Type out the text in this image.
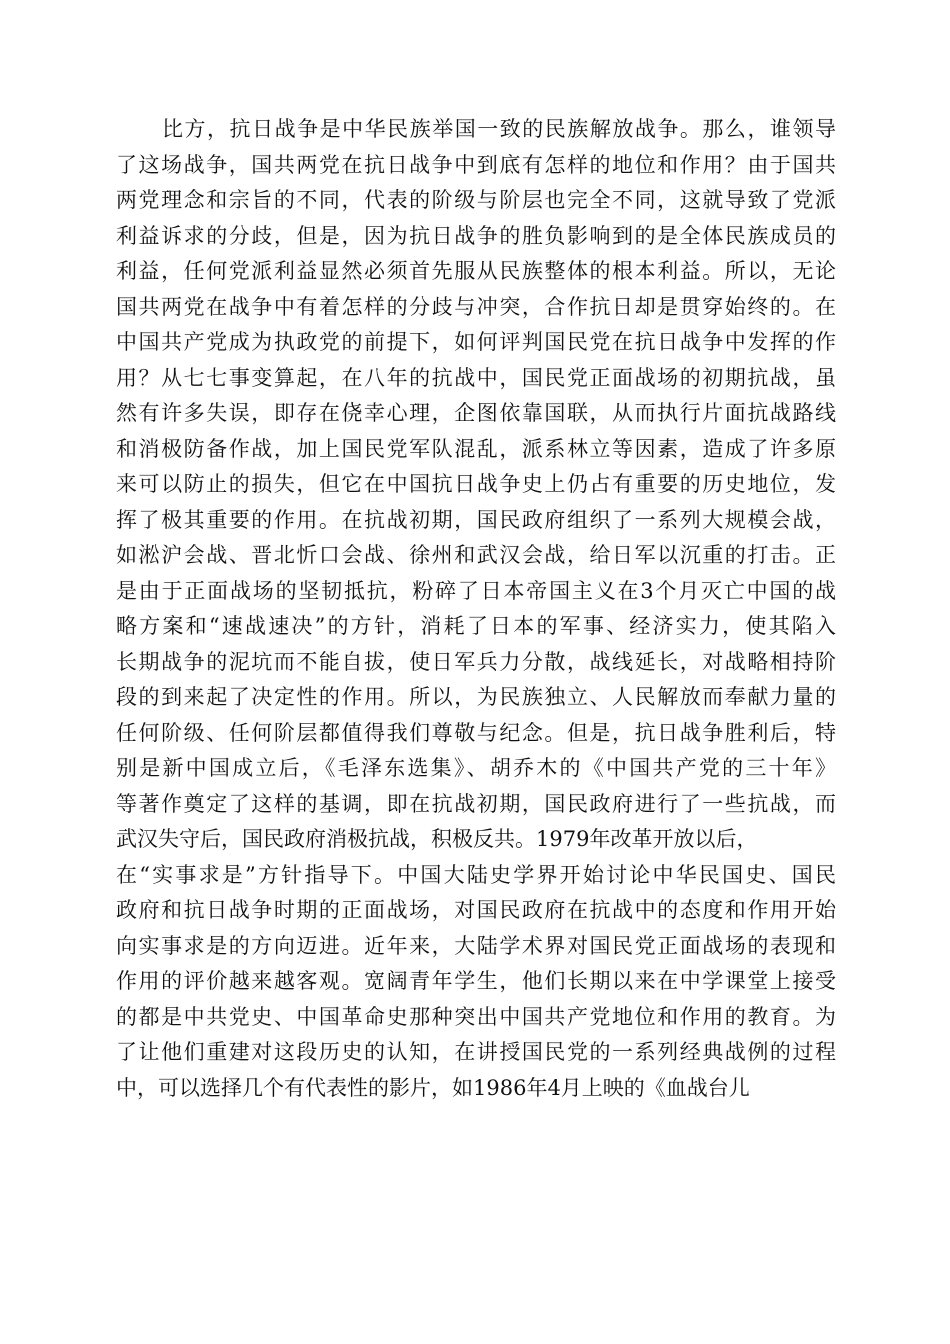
比方，抗日战争是中华民族举国一致的民族解放战争。那么，谁领导
了这场战争，国共两党在抗日战争中到底有怎样的地位和作用？由于国共
两党理念和宗旨的不同，代表的阶级与阶层也完全不同，这就导致了党派
利益诉求的分歧，但是，因为抗日战争的胜负影响到的是全体民族成员的
利益，任何党派利益显然必须首先服从民族整体的根本利益。所以，无论
国共两党在战争中有着怎样的分歧与冲突，合作抗日却是贯穿始终的。在
中国共产党成为执政党的前提下，如何评判国民党在抗日战争中发挥的作
用？从七七事变算起，在八年的抗战中，国民党正面战场的初期抗战，虽
然有许多失误，即存在侥幸心理，企图依靠国联，从而执行片面抗战路线
和消极防备作战，加上国民党军队混乱，派系林立等因素，造成了许多原
来可以防止的损失，但它在中国抗日战争史上仍占有重要的历史地位，发
挥了极其重要的作用。在抗战初期，国民政府组织了一系列大规模会战，
如淞沪会战、晋北忻口会战、徐州和武汉会战，给日军以沉重的打击。正
是由于正面战场的坚韧抵抗，粉碎了日本帝国主义在3个月灭亡中国的战
略方案和“速战速决”的方针，消耗了日本的军事、经济实力，使其陷入
长期战争的泥坑而不能自拔，使日军兵力分散，战线延长，对战略相持阶
段的到来起了决定性的作用。所以，为民族独立、人民解放而奉献力量的
任何阶级、任何阶层都值得我们尊敬与纪念。但是，抗日战争胜利后，特
别是新中国成立后，《毛泽东选集》、胡乔木的《中国共产党的三十年》
等著作奠定了这样的基调，即在抗战初期，国民政府进行了一些抗战，而
武汉失守后，国民政府消极抗战，积极反共。1979年改革开放以后，
在“实事求是”方针指导下。中国大陆史学界开始讨论中华民国史、国民
政府和抗日战争时期的正面战场，对国民政府在抗战中的态度和作用开始
向实事求是的方向迈进。近年来，大陆学术界对国民党正面战场的表现和
作用的评价越来越客观。宽阔青年学生，他们长期以来在中学课堂上接受
的都是中共党史、中国革命史那种突出中国共产党地位和作用的教育。为
了让他们重建对这段历史的认知，在讲授国民党的一系列经典战例的过程
中，可以选择几个有代表性的影片，如1986年4月上映的《血战台儿
